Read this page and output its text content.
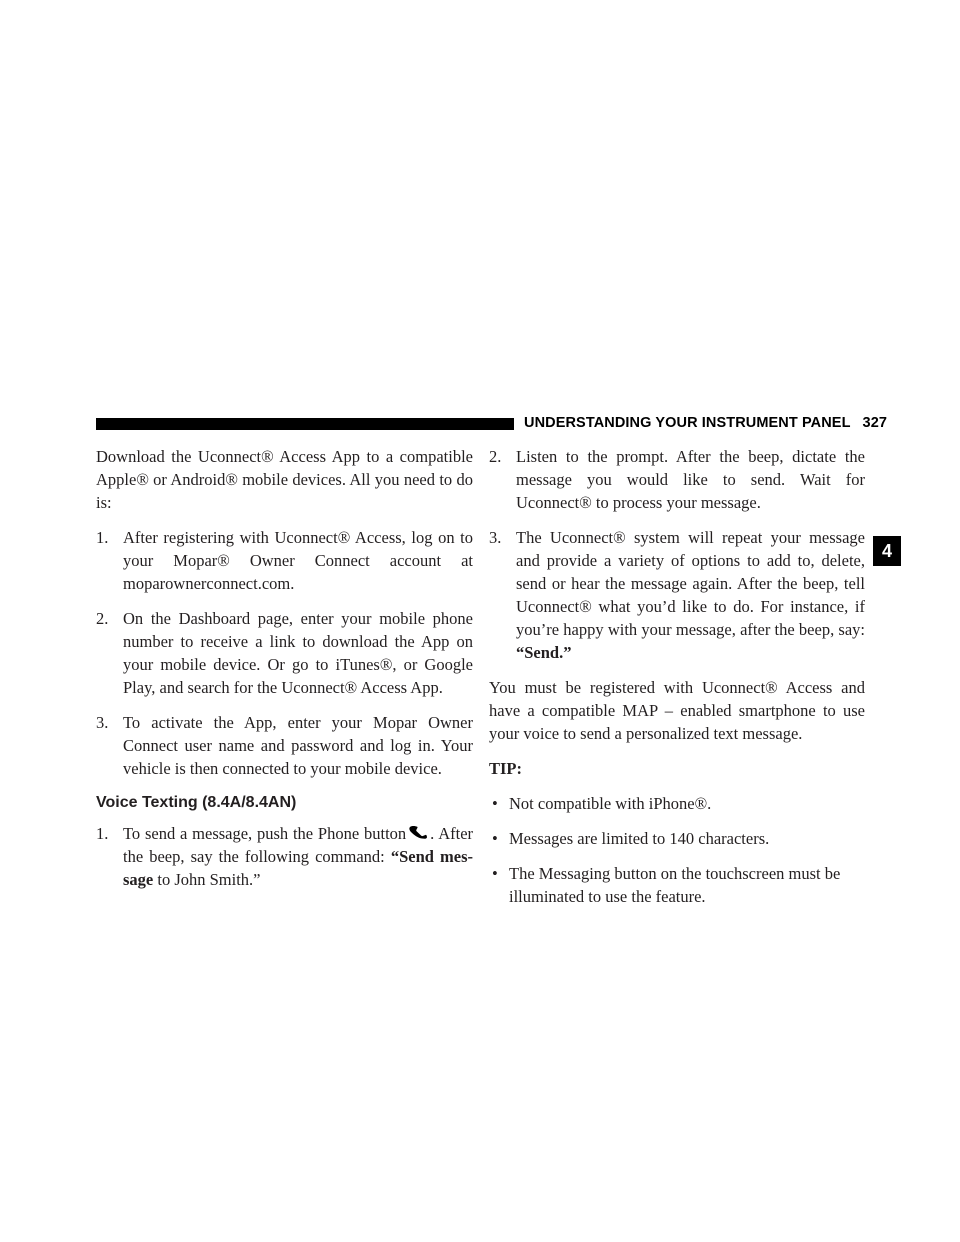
UNDERSTANDING YOUR INSTRUMENT PANEL 327
4

Download the Uconnect® Access App to a compatible Apple® or Android® mobile devices. All you need to do is:

1. After registering with Uconnect® Access, log on to your Mopar® Owner Connect account at moparownerconnect.com.
2. On the Dashboard page, enter your mobile phone number to receive a link to download the App on your mobile device. Or go to iTunes®, or Google Play, and search for the Uconnect® Access App.
3. To activate the App, enter your Mopar Owner Connect user name and password and log in. Your vehicle is then connected to your mobile device.
Voice Texting (8.4A/8.4AN)
1. To send a message, push the Phone button . After the beep, say the following command: “Send mes- sage to John Smith.”
2. Listen to the prompt. After the beep, dictate the message you would like to send. Wait for Uconnect® to process your message.
3. The Uconnect® system will repeat your message and provide a variety of options to add to, delete, send or hear the message again. After the beep, tell Uconnect® what you’d like to do. For instance, if you’re happy with your message, after the beep, say: “Send.”

You must be registered with Uconnect® Access and have a compatible MAP – enabled smartphone to use your voice to send a personalized text message.

TIP:

• Not compatible with iPhone®.
• Messages are limited to 140 characters.
• The Messaging button on the touchscreen must be illuminated to use the feature.
